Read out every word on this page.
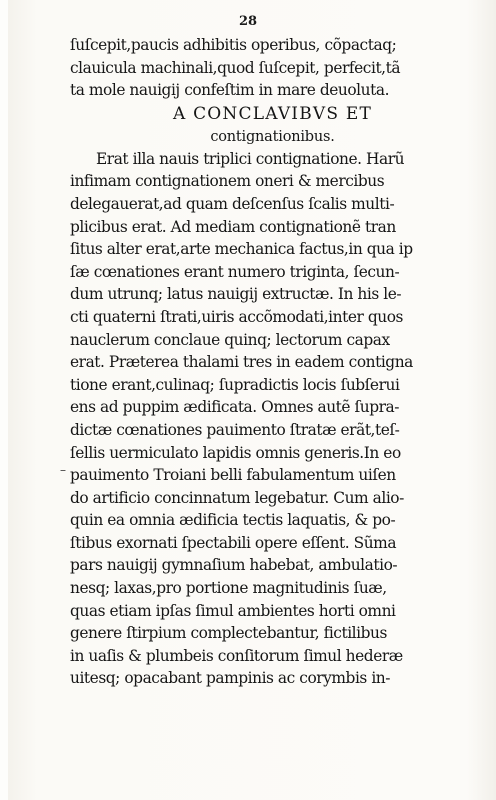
28
ſuſcepit,paucis adhibitis operibus, cõpactaq;
clauicula machinali,quod ſuſcepit, perfecit,tã
ta mole nauigij confeſtim in mare deuoluta.
A CONCLAVIBVS ET
contignationibus.
Erat illa nauis triplici contignatione. Harũ
infimam contignationem oneri & mercibus
delegauerat,ad quam deſcenſus ſcalis multi-
plicibus erat. Ad mediam contignationẽ tran
ſitus alter erat,arte mechanica factus,in qua ip
ſæ cœnationes erant numero triginta, ſecun-
dum utrunq; latus nauigij extructæ. In his le-
cti quaterni ſtrati,uiris accõmodati,inter quos
nauclerum conclaue quinq; lectorum capax
erat. Præterea thalami tres in eadem contigna
tione erant,culinaq; ſupradictis locis ſubſerui
ens ad puppim ædificata. Omnes autẽ ſupra-
dictæ cœnationes pauimento ſtratæ erãt,teſ-
ſellis uermiculato lapidis omnis generis.In eo
pauimento Troiani belli fabulamentum uiſen
do artificio concinnatum legebatur. Cum alio-
quin ea omnia ædificia tectis laquatis, & po-
ſtibus exornati ſpectabili opere eſſent. Sũma
pars nauigij gymnaſium habebat, ambulatio-
nesq; laxas,pro portione magnitudinis ſuæ,
quas etiam ipſas ſimul ambientes horti omni
genere ſtirpium complectebantur, fictilibus
in uaſis & plumbeis conſitorum ſimul hederæ
uitesq; opacabant pampinis ac corymbis in-
–
